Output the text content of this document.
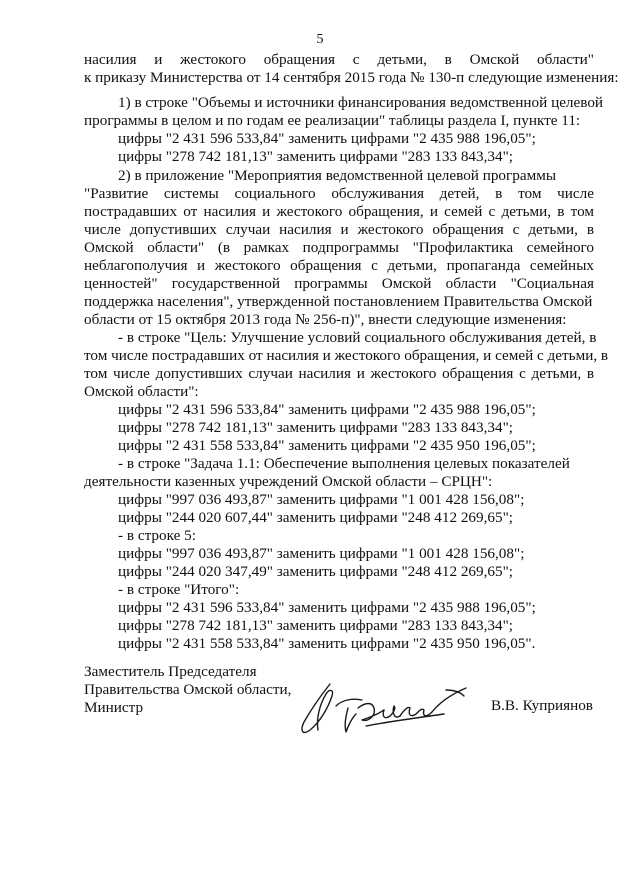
5
насилия и жестокого обращения с детьми, в Омской области"
к приказу Министерства от 14 сентября 2015 года № 130-п следующие изменения:
1) в строке "Объемы и источники финансирования ведомственной целевой
программы в целом и по годам ее реализации" таблицы раздела I, пункте 11:
цифры "2 431 596 533,84" заменить цифрами "2 435 988 196,05";
цифры "278 742 181,13" заменить цифрами "283 133 843,34";
2) в приложение "Мероприятия ведомственной целевой программы
"Развитие системы социального обслуживания детей, в том числе
пострадавших от насилия и жестокого обращения, и семей с детьми, в том
числе допустивших случаи насилия и жестокого обращения с детьми, в
Омской области" (в рамках подпрограммы "Профилактика семейного
неблагополучия и жестокого обращения с детьми, пропаганда семейных
ценностей" государственной программы Омской области "Социальная
поддержка населения", утвержденной постановлением Правительства Омской
области от 15 октября 2013 года № 256-п)", внести следующие изменения:
- в строке "Цель: Улучшение условий социального обслуживания детей, в
том числе пострадавших от насилия и жестокого обращения, и семей с детьми, в
том числе допустивших случаи насилия и жестокого обращения с детьми, в
Омской области":
цифры "2 431 596 533,84" заменить цифрами "2 435 988 196,05";
цифры "278 742 181,13" заменить цифрами "283 133 843,34";
цифры "2 431 558 533,84" заменить цифрами "2 435 950 196,05";
- в строке "Задача 1.1: Обеспечение выполнения целевых показателей
деятельности казенных учреждений Омской области – СРЦН":
цифры "997 036 493,87" заменить цифрами "1 001 428 156,08";
цифры "244 020 607,44" заменить цифрами "248 412 269,65";
- в строке 5:
цифры "997 036 493,87" заменить цифрами "1 001 428 156,08";
цифры "244 020 347,49" заменить цифрами "248 412 269,65";
- в строке "Итого":
цифры "2 431 596 533,84" заменить цифрами "2 435 988 196,05";
цифры "278 742 181,13" заменить цифрами "283 133 843,34";
цифры "2 431 558 533,84" заменить цифрами "2 435 950 196,05".
Заместитель Председателя
Правительства Омской области,
Министр	В.В. Куприянов
